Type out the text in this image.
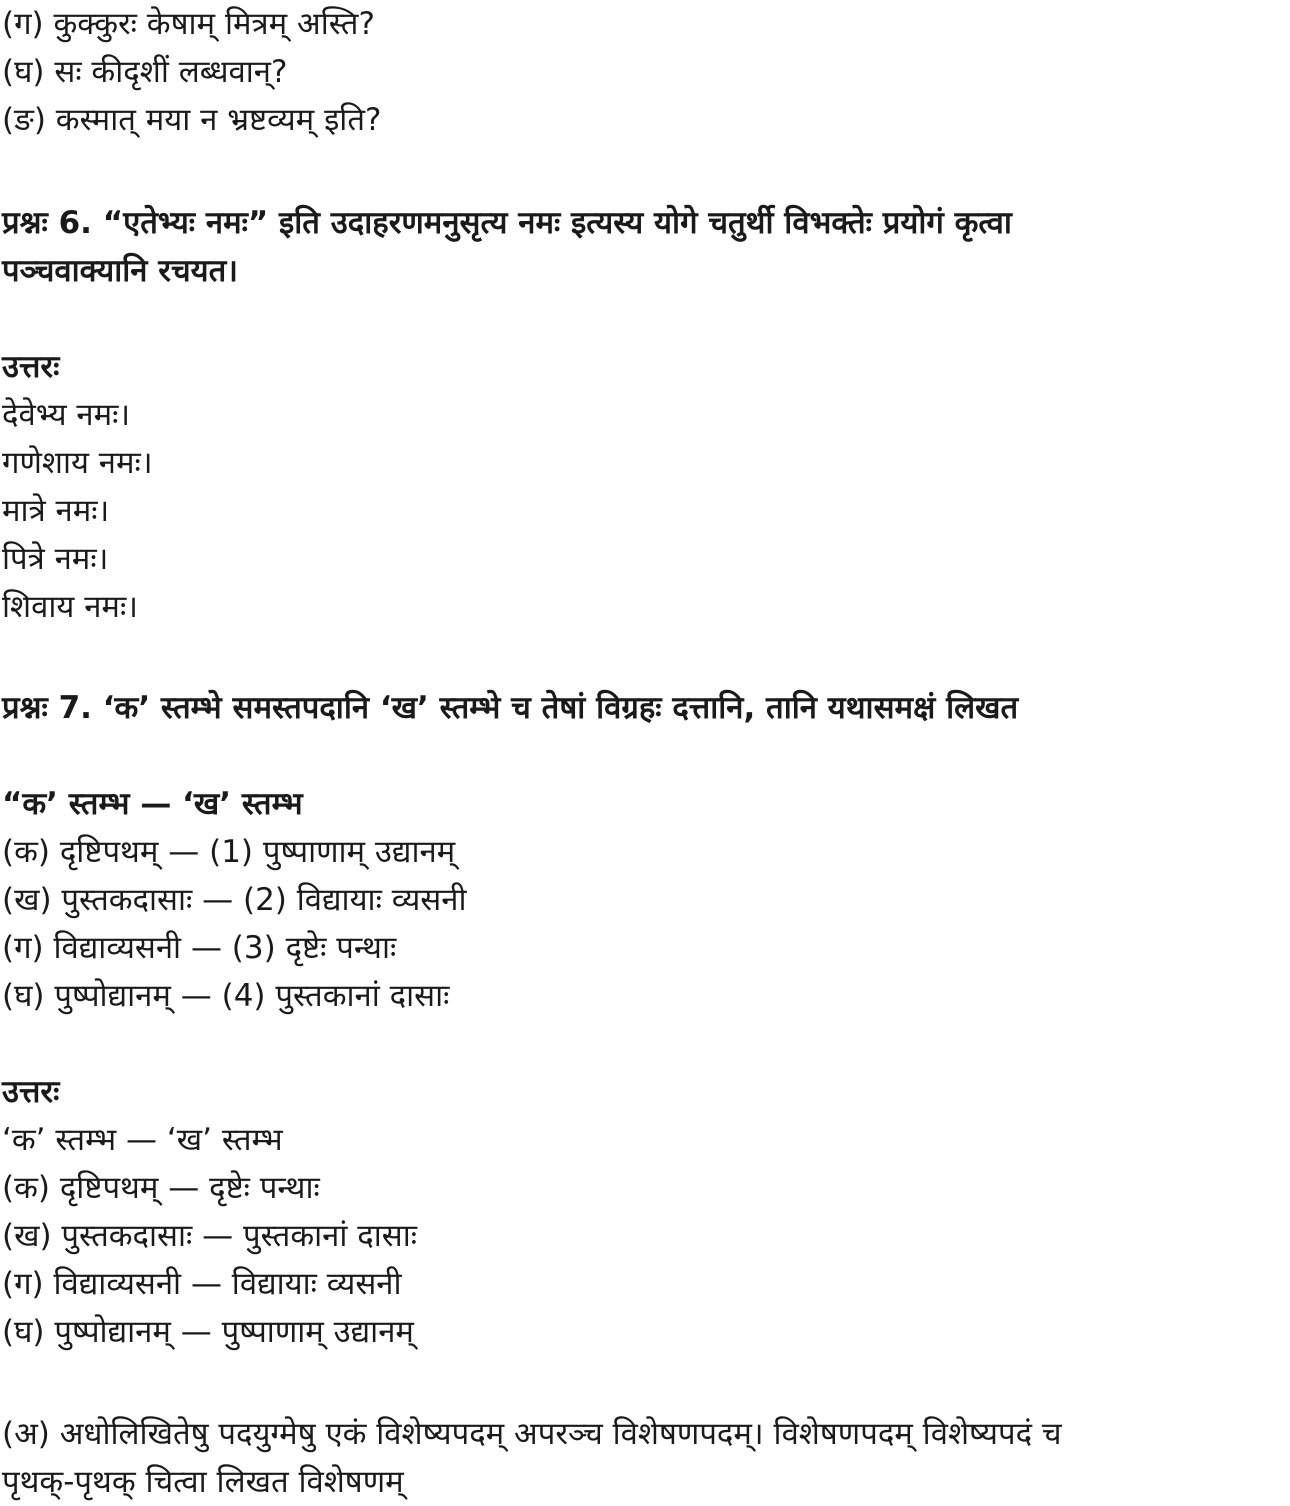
(ग) कुक्कुरः केषाम् मित्रम् अस्ति?
(घ) सः कीदृशीं लब्धवान्?
(ङ) कस्मात् मया न भ्रष्टव्यम् इति?
प्रश्नः 6. “एतेभ्यः नमः” इति उदाहरणमनुसृत्य नमः इत्यस्य योगे चतुर्थी विभक्तेः प्रयोगं कृत्वा
पञ्चवाक्यानि रचयत।
उत्तरः
देवेभ्य नमः।
गणेशाय नमः।
मात्रे नमः।
पित्रे नमः।
शिवाय नमः।
प्रश्नः 7. ‘क’ स्तम्भे समस्तपदानि ‘ख’ स्तम्भे च तेषां विग्रहः दत्तानि, तानि यथासमक्षं लिखत
“क’ स्तम्भ — ‘ख’ स्तम्भ
(क) दृष्टिपथम् — (1) पुष्पाणाम् उद्यानम्
(ख) पुस्तकदासाः — (2) विद्यायाः व्यसनी
(ग) विद्याव्यसनी — (3) दृष्टेः पन्थाः
(घ) पुष्पोद्यानम् — (4) पुस्तकानां दासाः
उत्तरः
‘क’ स्तम्भ — ‘ख’ स्तम्भ
(क) दृष्टिपथम् — दृष्टेः पन्थाः
(ख) पुस्तकदासाः — पुस्तकानां दासाः
(ग) विद्याव्यसनी — विद्यायाः व्यसनी
(घ) पुष्पोद्यानम् — पुष्पाणाम् उद्यानम्
(अ) अधोलिखितेषु पदयुग्मेषु एकं विशेष्यपदम् अपरञ्च विशेषणपदम्। विशेषणपदम् विशेष्यपदं च
पृथक्-पृथक् चित्वा लिखत विशेषणम्
